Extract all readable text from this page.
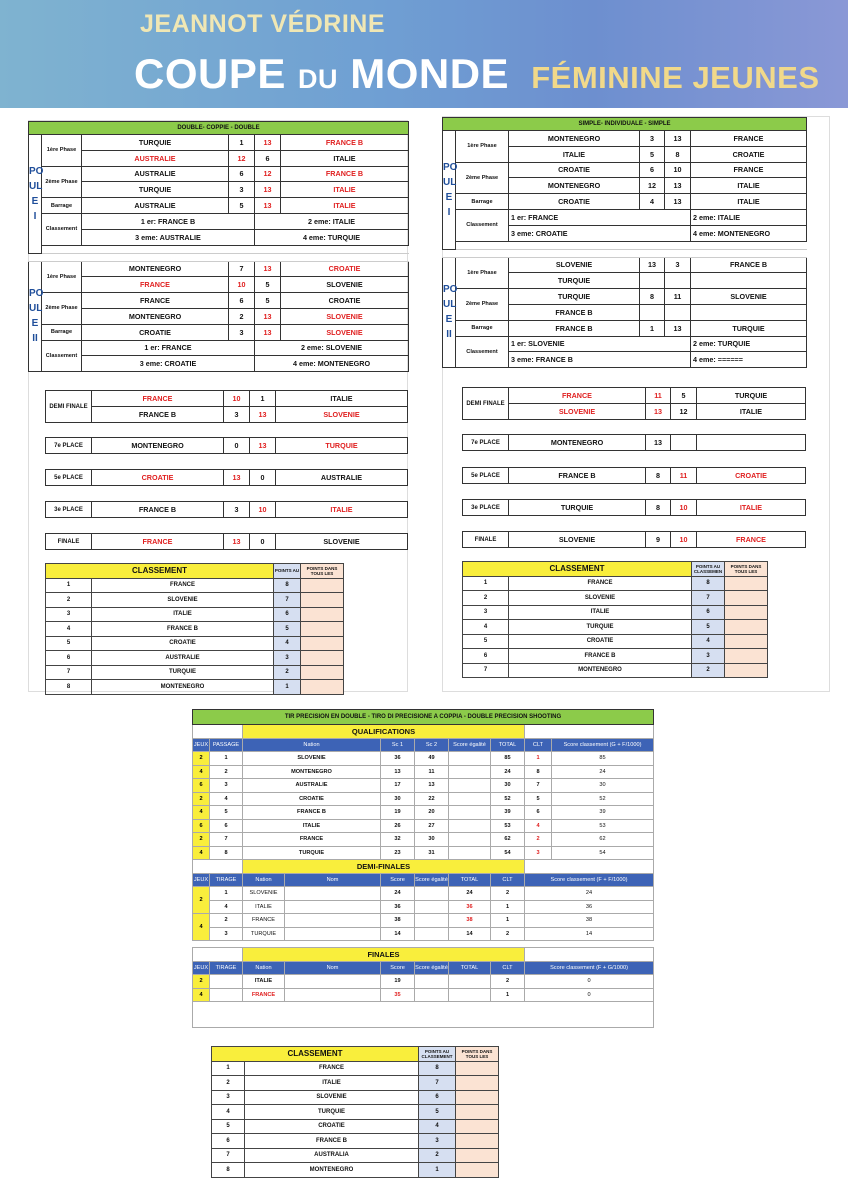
JEANNOT VÉDRINE
COUPE DU MONDE FÉMININE JEUNES
DOUBLE- COPPIE - DOUBLE					
PO UL E I	1ère Phase	TURQUIE	1	13	FRANCE B
		AUSTRALIE	12	6	ITALIE
	2ème Phase	AUSTRALIE	6	12	FRANCE B
		TURQUIE	3	13	ITALIE
	Barrage	AUSTRALIE	5	13	ITALIE
	Classement	1 er: FRANCE B		2 eme: ITALIE	
		3 eme: AUSTRALIE		4 eme: TURQUIE	

PO UL E II	1ère Phase	MONTENEGRO	7	13	CROATIE
		FRANCE	10	5	SLOVENIE
	2ème Phase	FRANCE	6	5	CROATIE
		MONTENEGRO	2	13	SLOVENIE
	Barrage	CROATIE	3	13	SLOVENIE
	Classement	1 er: FRANCE		2 eme: SLOVENIE	
		3 eme: CROATIE		4 eme: MONTENEGRO	
DEMI FINALE	FRANCE	10	1	ITALIE
	FRANCE B	3	13	SLOVENIE
7e PLACE	MONTENEGRO	0	13	TURQUIE
5e PLACE	CROATIE	13	0	AUSTRALIE
3e PLACE	FRANCE B	3	10	ITALIE
FINALE	FRANCE	13	0	SLOVENIE
CLASSEMENT		POINTS AU	POINTS DANS TOUS LES
1	FRANCE	8	
2	SLOVENIE	7	
3	ITALIE	6	
4	FRANCE B	5	
5	CROATIE	4	
6	AUSTRALIE	3	
7	TURQUIE	2	
8	MONTENEGRO	1	
SIMPLE- INDIVIDUALE - SIMPLE					
PO UL E I	1ère Phase	MONTENEGRO	3	13	FRANCE
		ITALIE	5	8	CROATIE
	2ème Phase	CROATIE	6	10	FRANCE
		MONTENEGRO	12	13	ITALIE
	Barrage	CROATIE	4	13	ITALIE
	Classement	1 er: FRANCE			2 eme: ITALIE
		3 eme: CROATIE			4 eme: MONTENEGRO

PO UL E II	1ère Phase	SLOVENIE	13	3	FRANCE B
		TURQUIE			
	2ème Phase	TURQUIE	8	11	SLOVENIE
		FRANCE B			
	Barrage	FRANCE B	1	13	TURQUIE
	Classement	1 er: SLOVENIE			2 eme: TURQUIE
		3 eme: FRANCE B			4 eme: ======
DEMI FINALE	FRANCE	11	5	TURQUIE
	SLOVENIE	13	12	ITALIE
7e PLACE	MONTENEGRO	13		
5e PLACE	FRANCE B	8	11	CROATIE
3e PLACE	TURQUIE	8	10	ITALIE
FINALE	SLOVENIE	9	10	FRANCE
CLASSEMENT		POINTS AU CLASSEMEN	POINTS DANS TOUS LES
1	FRANCE	8	
2	SLOVENIE	7	
3	ITALIE	6	
4	TURQUIE	5	
5	CROATIE	4	
6	FRANCE B	3	
7	MONTENEGRO	2	
TIR PRECISION EN DOUBLE - TIRO DI PRECISIONE A COPPIA - DOUBLE PRECISION SHOOTING									
		QUALIFICATIONS							
JEUX	PASSAGE	Nation		Sc 1	Sc 2	Score égalité	TOTAL	CLT	Score classement (G + F/1000)
2	1	SLOVENIE		36	49		85	1	85
4	2	MONTENEGRO		13	11		24	8	24
6	3	AUSTRALIE		17	13		30	7	30
2	4	CROATIE		30	22		52	5	52
4	5	FRANCE B		19	20		39	6	39
6	6	ITALIE		26	27		53	4	53
2	7	FRANCE		32	30		62	2	62
4	8	TURQUIE		23	31		54	3	54
		DEMI-FINALES							
JEUX	TIRAGE	Nation	Nom	Score	Score égalité	TOTAL	CLT	Score classement (F + F/1000)	
2	1	SLOVENIE		24		24	2	24	
	4	ITALIE		36		36	1	36	
4	2	FRANCE		38		38	1	38	
	3	TURQUIE		14		14	2	14	

		FINALES							
JEUX	TIRAGE	Nation	Nom	Score	Score égalité	TOTAL	CLT	Score classement (F + G/1000)	
2		ITALIE		19			2	0	
4		FRANCE		35			1	0	

CLASSEMENT		POINTS AU CLASSEMENT	POINTS DANS TOUS LES
1	FRANCE	8	
2	ITALIE	7	
3	SLOVENIE	6	
4	TURQUIE	5	
5	CROATIE	4	
6	FRANCE B	3	
7	AUSTRALIA	2	
8	MONTENEGRO	1	
